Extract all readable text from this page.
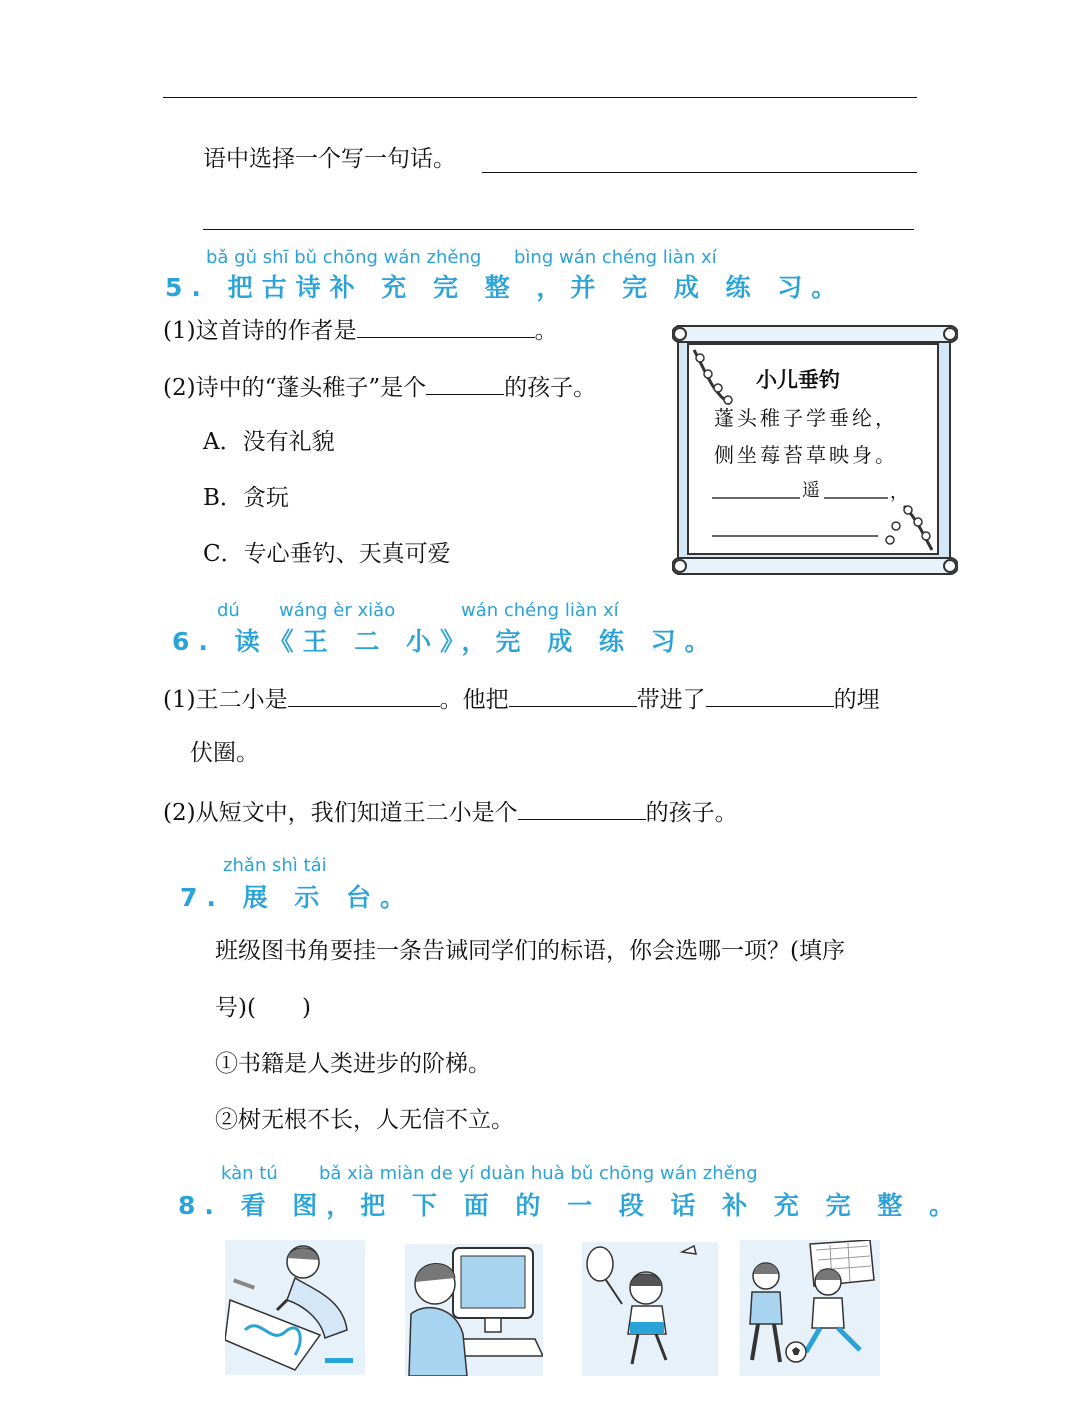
语中选择一个写一句话。
bǎ gǔ shī bǔ chōng wán zhěng bìng wán chéng liàn xí
5. 把古诗补 充 完 整 ，并 完 成 练 习。
(1)这首诗的作者是	。
(2)诗中的“蓬头稚子”是个	的孩子。
A．没有礼貌
B．贪玩
C．专心垂钓、天真可爱
小儿垂钓
蓬头稚子学垂纶，
侧坐莓苔草映身。
遥	，
dú wáng èr xiǎo	wán chéng liàn xí
6. 读《王 二 小》，完 成 练 习。
(1)王二小是	。他把	带进了	的埋
伏圈。
(2)从短文中，我们知道王二小是个	的孩子。
zhǎn shì tái
7. 展 示 台。
班级图书角要挂一条告诫同学们的标语，你会选哪一项？(填序
号)(　　)
①书籍是人类进步的阶梯。
②树无根不长，人无信不立。
kàn tú bǎ xià miàn de yí duàn huà bǔ chōng wán zhěng
8. 看 图，把 下 面 的 一 段 话 补 充 完 整 。
